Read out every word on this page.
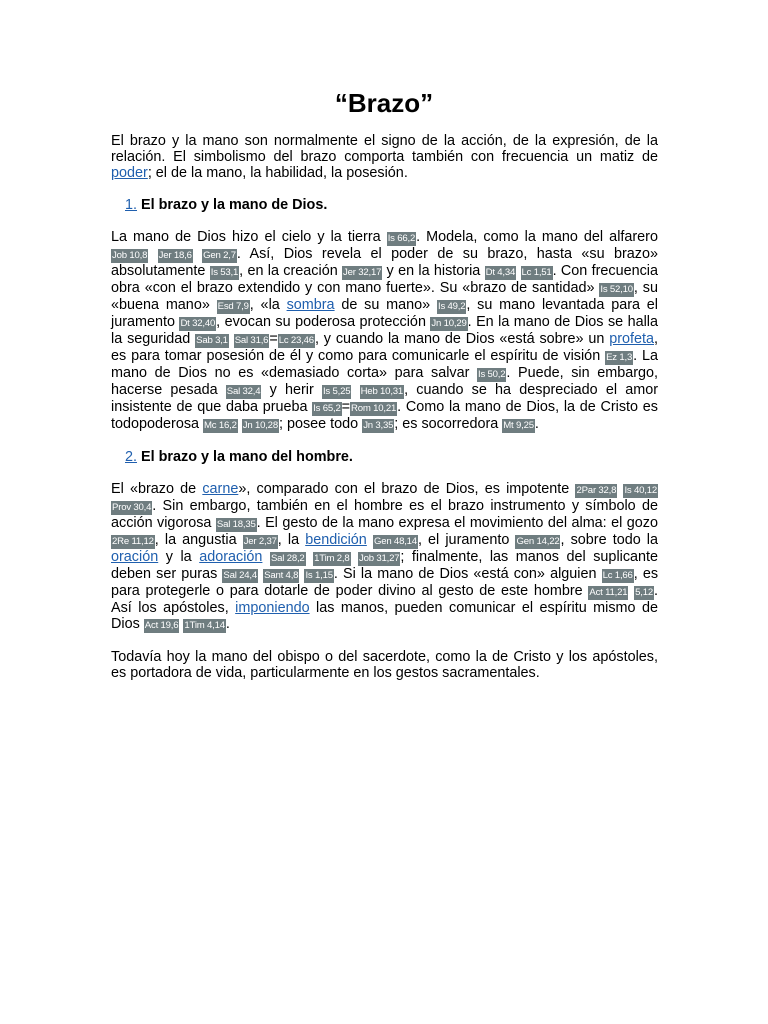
“Brazo”

El brazo y la mano son normalmente el signo de la acción, de la expresión, de la relación. El simbolismo del brazo comporta también con frecuencia un matiz de poder; el de la mano, la habilidad, la posesión.

1. El brazo y la mano de Dios.

La mano de Dios hizo el cielo y la tierra Is 66,2. Modela, como la mano del alfarero Job 10,8 Jer 18,6 Gen 2,7. Así, Dios revela el poder de su brazo, hasta «su brazo» absolutamente Is 53,1, en la creación Jer 32,17 y en la historia Dt 4,34 Lc 1,51. Con frecuencia obra «con el brazo extendido y con mano fuerte». Su «brazo de santidad» Is 52,10, su «buena mano» Esd 7,9, «la sombra de su mano» Is 49,2, su mano levantada para el juramento Dt 32,40, evocan su poderosa protección Jn 10,29. En la mano de Dios se halla la seguridad Sab 3,1 Sal 31,6=Lc 23,46, y cuando la mano de Dios «está sobre» un profeta, es para tomar posesión de él y como para comunicarle el espíritu de visión Ez 1,3. La mano de Dios no es «demasiado corta» para salvar Is 50,2. Puede, sin embargo, hacerse pesada Sal 32,4 y herir Is 5,25 Heb 10,31, cuando se ha despreciado el amor insistente de que daba prueba Is 65,2=Rom 10,21. Como la mano de Dios, la de Cristo es todopoderosa Mc 16,2 Jn 10,28; posee todo Jn 3,35; es socorredora Mt 9,25.

2. El brazo y la mano del hombre.

El «brazo de carne», comparado con el brazo de Dios, es impotente 2Par 32,8 Is 40,12 Prov 30,4. Sin embargo, también en el hombre es el brazo instrumento y símbolo de acción vigorosa Sal 18,35. El gesto de la mano expresa el movimiento del alma: el gozo 2Re 11,12, la angustia Jer 2,37, la bendición Gen 48,14, el juramento Gen 14,22, sobre todo la oración y la adoración Sal 28,2 1Tim 2,8 Job 31,27; finalmente, las manos del suplicante deben ser puras Sal 24,4 Sant 4,8 Is 1,15. Si la mano de Dios «está con» alguien Lc 1,66, es para protegerle o para dotarle de poder divino al gesto de este hombre Act 11,21 5,12. Así los apóstoles, imponiendo las manos, pueden comunicar el espíritu mismo de Dios Act 19,6 1Tim 4,14.

Todavía hoy la mano del obispo o del sacerdote, como la de Cristo y los apóstoles, es portadora de vida, particularmente en los gestos sacramentales.
